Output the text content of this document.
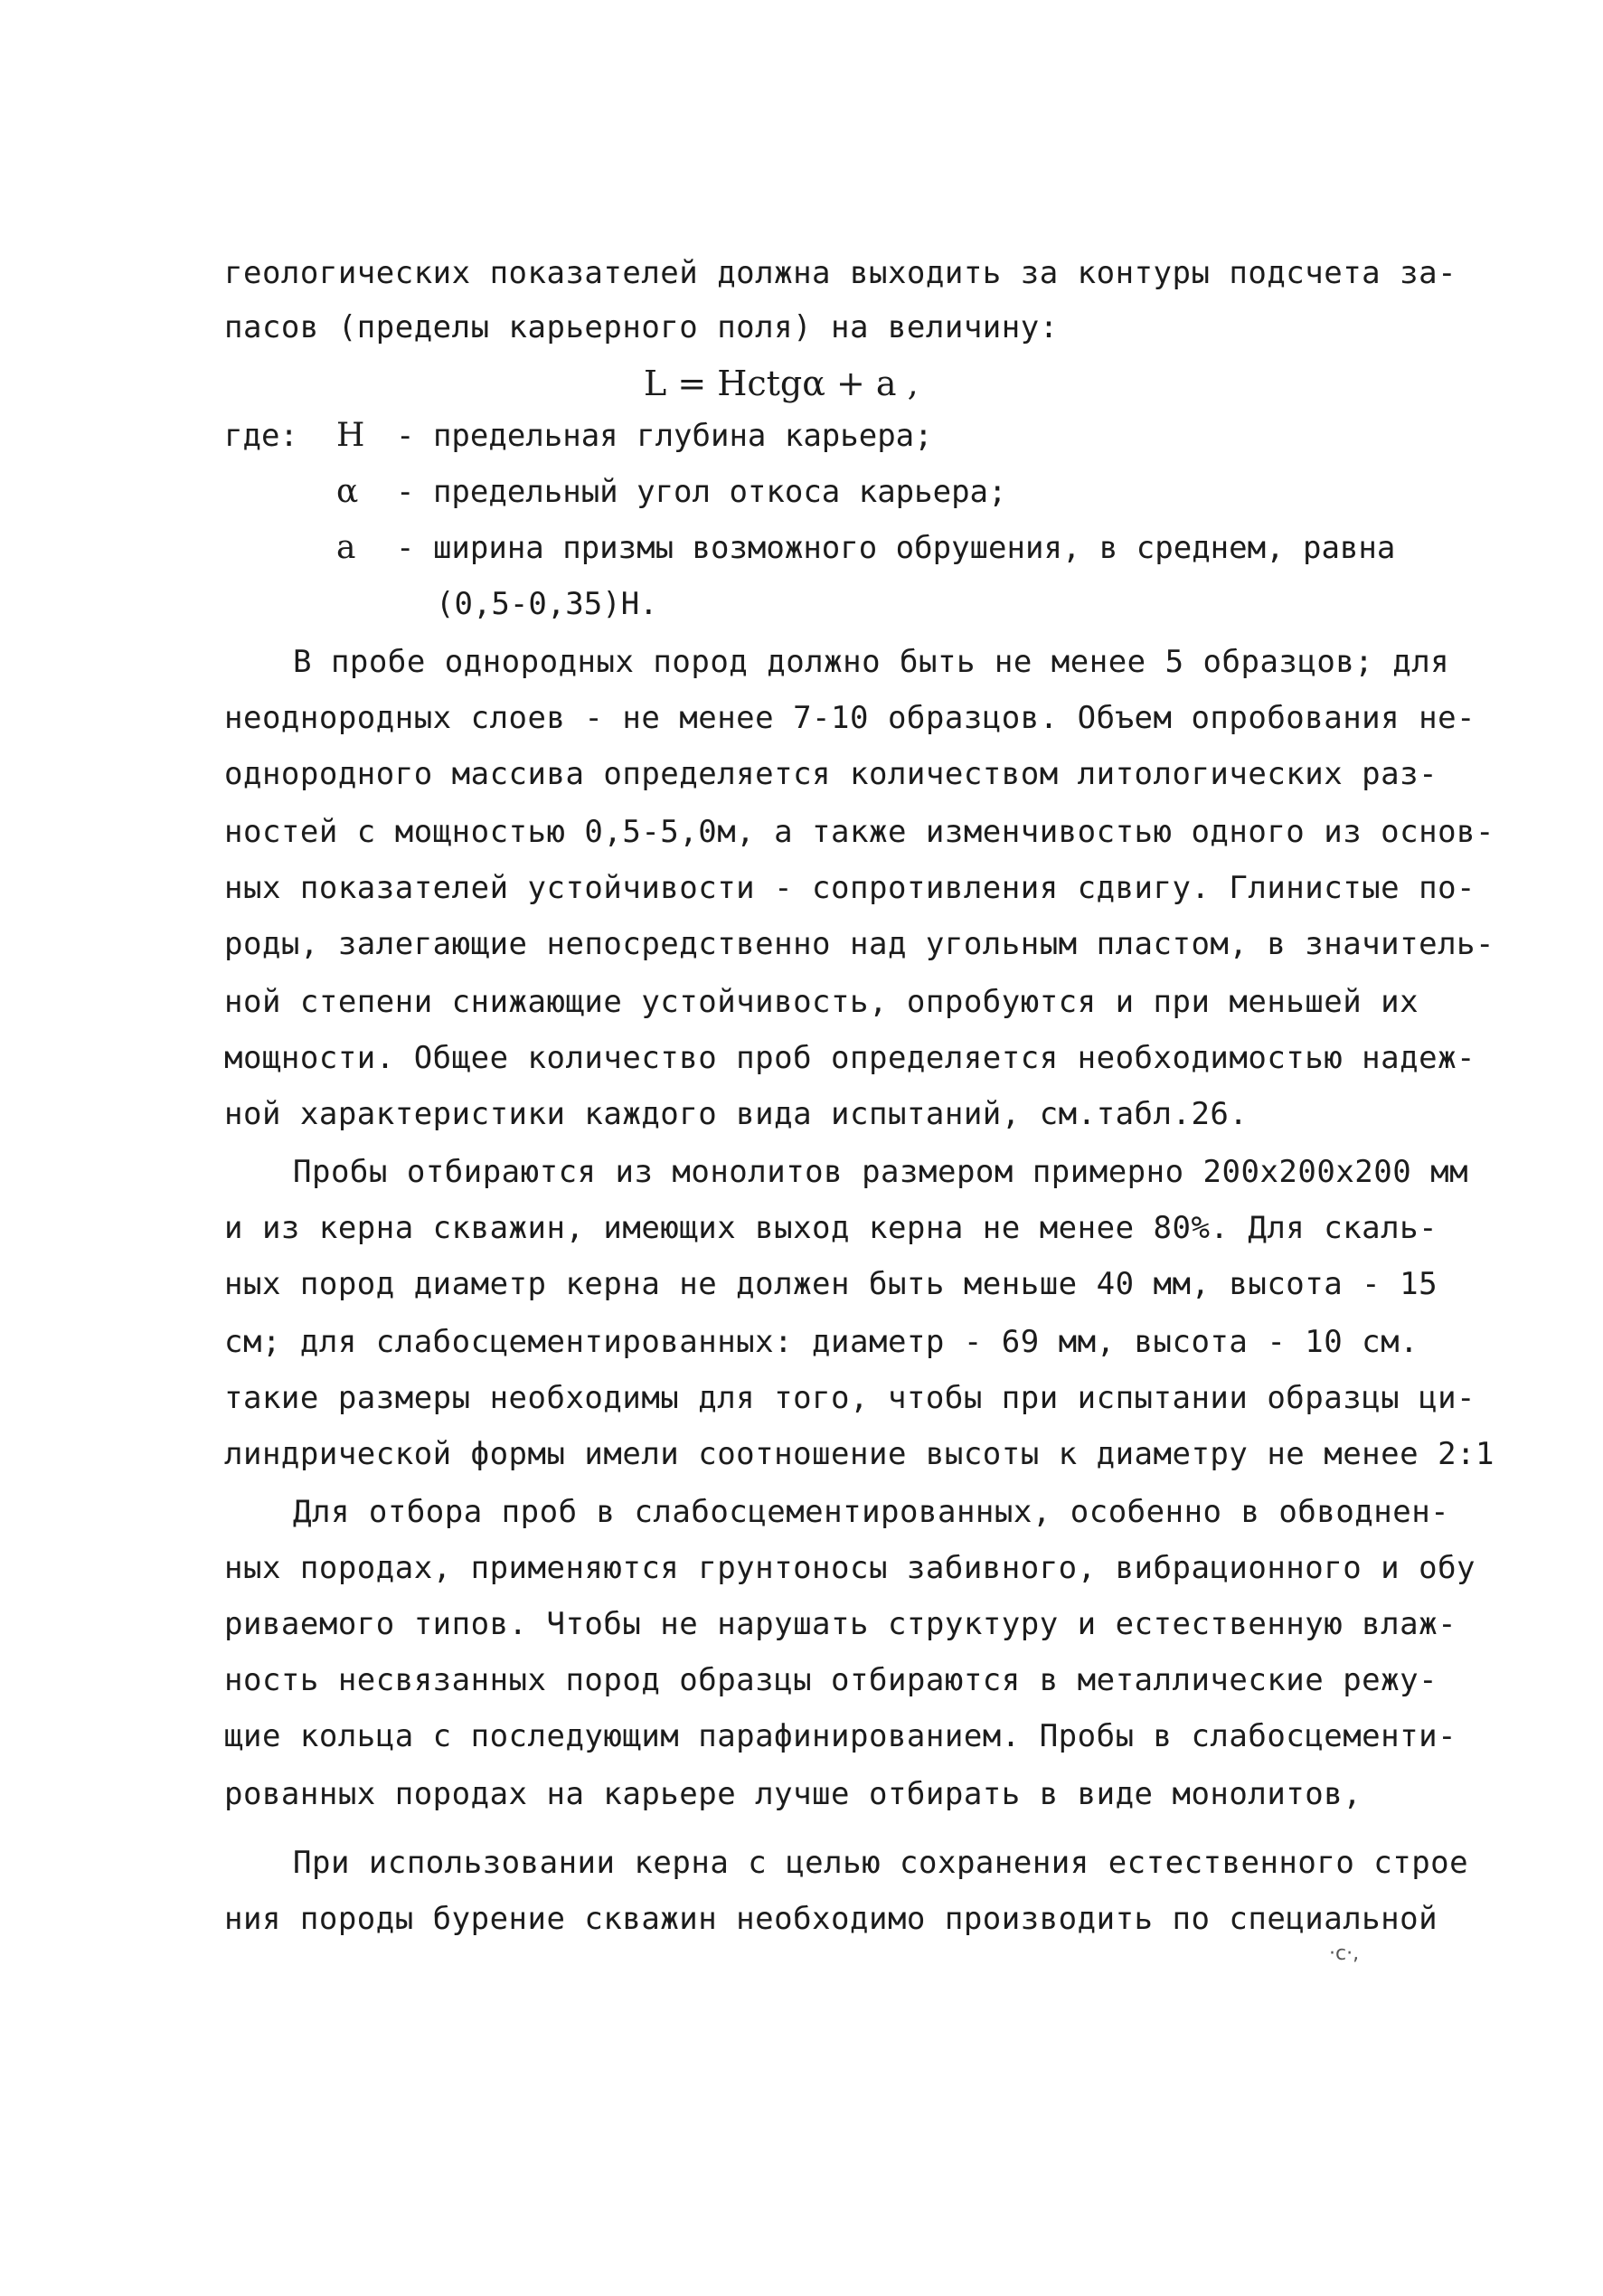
геологических показателей должна выходить за контуры подсчета за-
пасов (пределы карьерного поля) на величину:
L = Hctgα + a ,
где: H - предельная глубина карьера;
α - предельный угол откоса карьера;
a - ширина призмы возможного обрушения, в среднем, равна
(0,5-0,35)H.
В пробе однородных пород должно быть не менее 5 образцов; для
неоднородных слоев - не менее 7-10 образцов. Объем опробования не-
однородного массива определяется количеством литологических раз-
ностей с мощностью 0,5-5,0м, а также изменчивостью одного из основ-
ных показателей устойчивости - сопротивления сдвигу. Глинистые по-
роды, залегающие непосредственно над угольным пластом, в значитель-
ной степени снижающие устойчивость, опробуются и при меньшей их
мощности. Общее количество проб определяется необходимостью надеж-
ной характеристики каждого вида испытаний, см.табл.26.
Пробы отбираются из монолитов размером примерно 200x200x200 мм
и из керна скважин, имеющих выход керна не менее 80%. Для скаль-
ных пород диаметр керна не должен быть меньше 40 мм, высота - 15
см; для слабосцементированных: диаметр - 69 мм, высота - 10 см.
такие размеры необходимы для того, чтобы при испытании образцы ци-
линдрической формы имели соотношение высоты к диаметру не менее 2:1
Для отбора проб в слабосцементированных, особенно в обводнен-
ных породах, применяются грунтоносы забивного, вибрационного и обу
риваемого типов. Чтобы не нарушать структуру и естественную влаж-
ность несвязанных пород образцы отбираются в металлические режу-
щие кольца с последующим парафинированием. Пробы в слабосцементи-
рованных породах на карьере лучше отбирать в виде монолитов,
При использовании керна с целью сохранения естественного строе
ния породы бурение скважин необходимо производить по специальной
·с·,
